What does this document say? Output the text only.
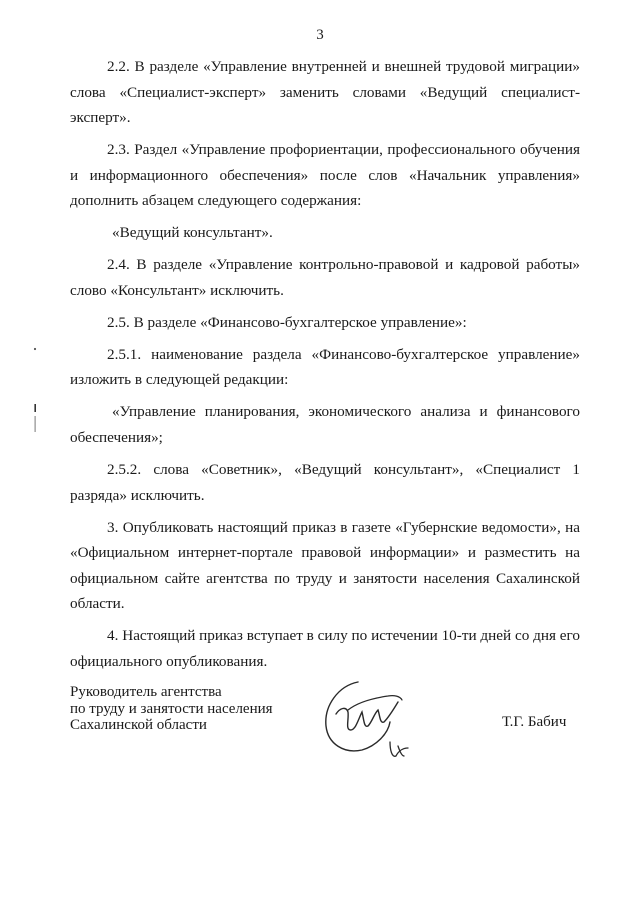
3

2.2. В разделе «Управление внутренней и внешней трудовой миграции» слова «Специалист-эксперт» заменить словами «Ведущий специалист-эксперт».

2.3. Раздел «Управление профориентации, профессионального обучения и информационного обеспечения» после слов «Начальник управления» дополнить абзацем следующего содержания:

«Ведущий консультант».

2.4. В разделе «Управление контрольно-правовой и кадровой работы» слово «Консультант» исключить.

2.5. В разделе «Финансово-бухгалтерское управление»:

2.5.1. наименование раздела «Финансово-бухгалтерское управление» изложить в следующей редакции:

«Управление планирования, экономического анализа и финансового обеспечения»;

2.5.2. слова «Советник», «Ведущий консультант», «Специалист 1 разряда» исключить.

3. Опубликовать настоящий приказ в газете «Губернские ведомости», на «Официальном интернет-портале правовой информации» и разместить на официальном сайте агентства по труду и занятости населения Сахалинской области.

4. Настоящий приказ вступает в силу по истечении 10-ти дней со дня его официального опубликования.

Руководитель агентства
по труду и занятости населения
Сахалинской области	Т.Г. Бабич
